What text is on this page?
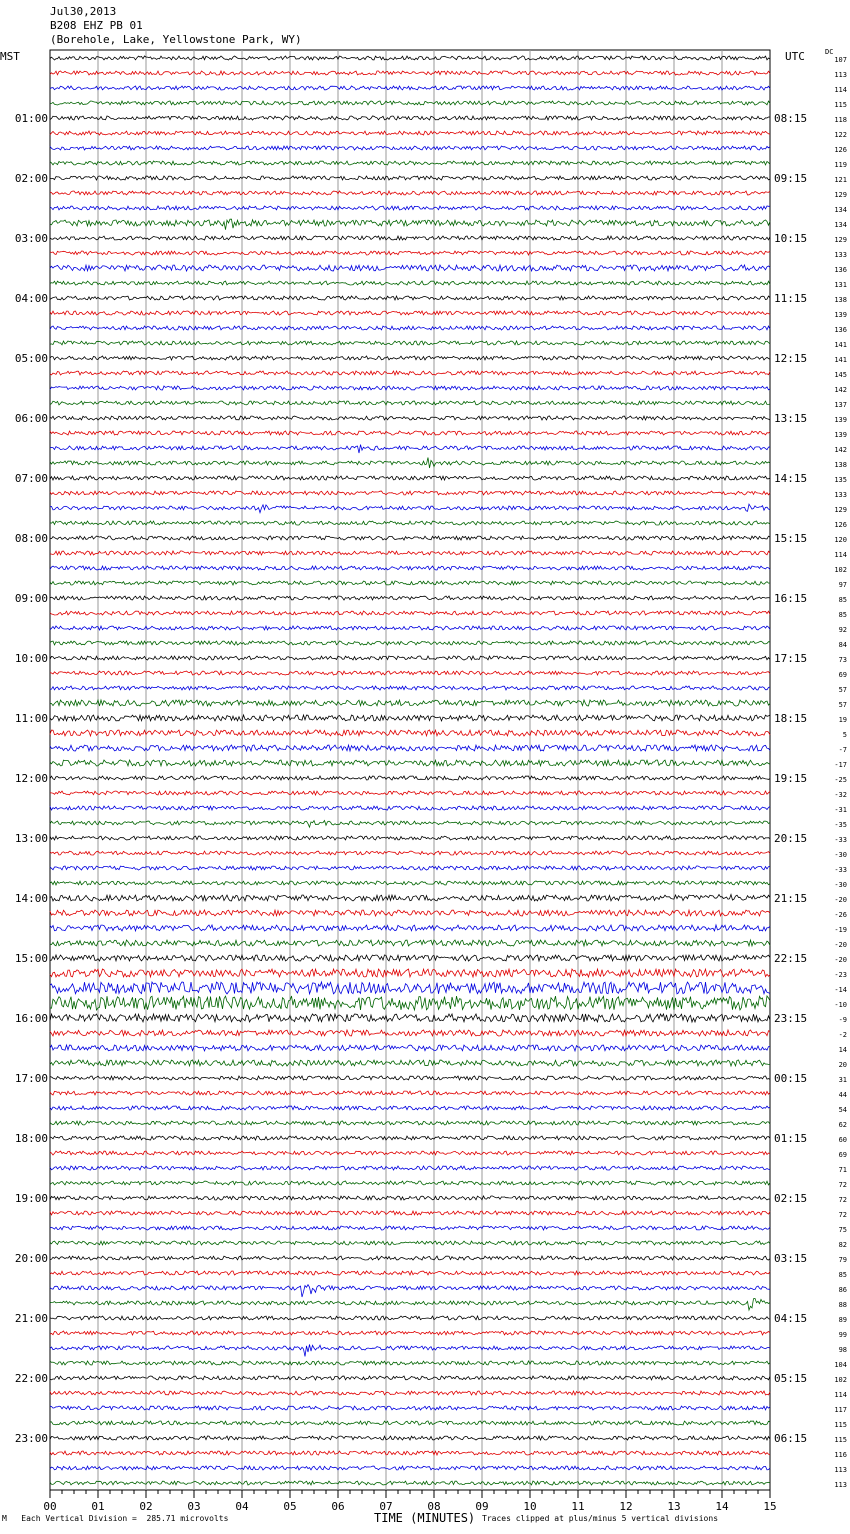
Jul30,2013
B208 EHZ PB 01
(Borehole, Lake, Yellowstone Park, WY)
MST	UTC	DC
107
113
114
115
118
122
126
119
121
129
134
134
129
133
136
131
138
139
136
141
141
145
142
137
139
139
142
138
135
133
129
126
120
114
102
97
85
85
92
84
73
69
57
57
19
5
-7
-17
-25
-32
-31
-35
-33
-30
-33
-30
-20
-26
-19
-20
-20
-23
-14
-10
-9
-2
14
20
31
44
54
62
60
69
71
72
72
72
75
82
79
85
86
88
89
99
98
104
102
114
117
115
115
116
113
113
01:00	08:15
02:00	09:15
03:00	10:15
04:00	11:15
05:00	12:15
06:00	13:15
07:00	14:15
08:00	15:15
09:00	16:15
10:00	17:15
11:00	18:15
12:00	19:15
13:00	20:15
14:00	21:15
15:00	22:15
16:00	23:15
17:00	00:15
18:00	01:15
19:00	02:15
20:00	03:15
21:00	04:15
22:00	05:15
23:00	06:15
00	01	02	03	04	05	06	07	08	09	10	11	12	13	14	15
M Each Vertical Division =  285.71 microvolts	TIME (MINUTES) Traces clipped at plus/minus 5 vertical divisions
